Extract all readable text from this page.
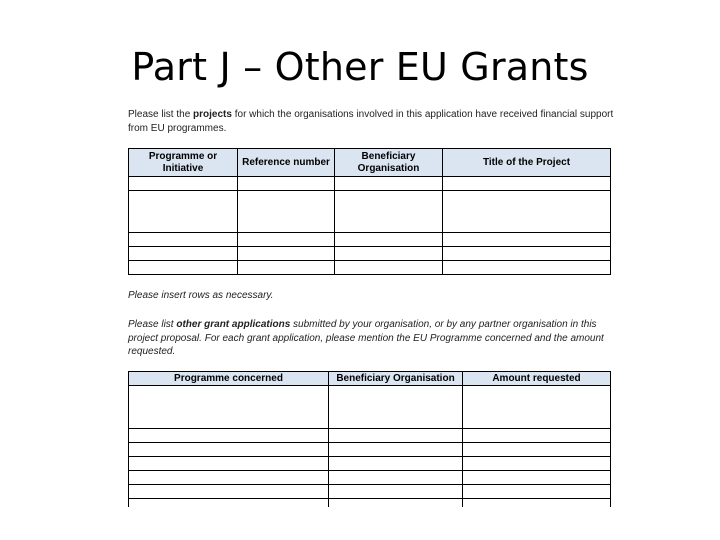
Part J – Other EU Grants
Please list the projects for which the organisations involved in this application have received financial support from EU programmes.
Programme or Initiative	Reference number	Beneficiary Organisation	Title of the Project

Please insert rows as necessary.
Please list other grant applications submitted by your organisation, or by any partner organisation in this project proposal. For each grant application, please mention the EU Programme concerned and the amount requested.
Programme concerned	Beneficiary Organisation	Amount requested
